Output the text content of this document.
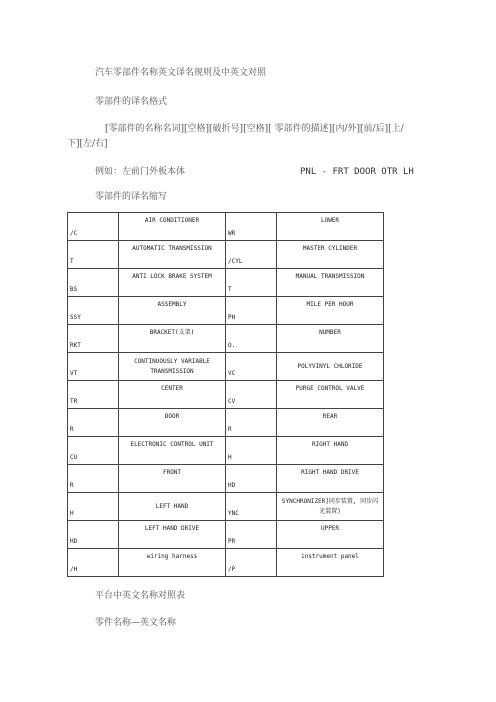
汽车零部件名称英文译名规则及中英文对照
零部件的译名格式
[零部件的名称名词][空格][破折号][空格][ 零部件的描述][内/外][前/后][上/
下][左/右]
例如：左前门外板本体	PNL - FRT DOOR OTR LH
零部件的译名缩写
/C	AIR CONDITIONER	WR	LOWER
T	AUTOMATIC TRANSMISSION	/CYL	MASTER CYLINDER
BS	ANTI LOCK BRAKE SYSTEM	T	MANUAL TRANSMISSION
SSY	ASSEMBLY	PH	MILE PER HOUR
RKT	BRACKET(支架)	O.	NUMBER
VT	CONTINUOUSLY VARIABLE TRANSMISSION	VC	POLYVINYL CHLORIDE
TR	CENTER	CV	PURGE CONTROL VALVE
R	DOOR	R	REAR
CU	ELECTRONIC CONTROL UNIT	H	RIGHT HAND
R	FRONT	HD	RIGHT HAND DRIVE
H	LEFT HAND	YNC	SYNCHRONIZER]同步装置, 同步闪光装置)
HD	LEFT HAND DRIVE	PR	UPPER
/H	wiring harness	/P	instrument panel
平台中英文名称对照表
零件名称—英文名称
